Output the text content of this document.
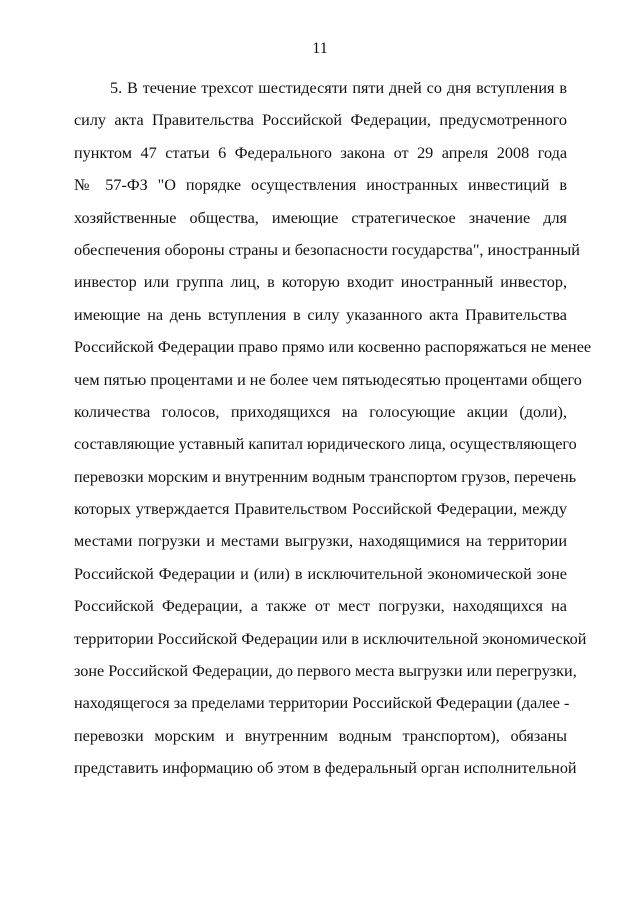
11
5. В течение трехсот шестидесяти пяти дней со дня вступления в
силу акта Правительства Российской Федерации, предусмотренного
пунктом 47 статьи 6 Федерального закона от 29 апреля 2008 года
№ 57-ФЗ "О порядке осуществления иностранных инвестиций в
хозяйственные общества, имеющие стратегическое значение для
обеспечения обороны страны и безопасности государства", иностранный
инвестор или группа лиц, в которую входит иностранный инвестор,
имеющие на день вступления в силу указанного акта Правительства
Российской Федерации право прямо или косвенно распоряжаться не менее
чем пятью процентами и не более чем пятьюдесятью процентами общего
количества голосов, приходящихся на голосующие акции (доли),
составляющие уставный капитал юридического лица, осуществляющего
перевозки морским и внутренним водным транспортом грузов, перечень
которых утверждается Правительством Российской Федерации, между
местами погрузки и местами выгрузки, находящимися на территории
Российской Федерации и (или) в исключительной экономической зоне
Российской Федерации, а также от мест погрузки, находящихся на
территории Российской Федерации или в исключительной экономической
зоне Российской Федерации, до первого места выгрузки или перегрузки,
находящегося за пределами территории Российской Федерации (далее -
перевозки морским и внутренним водным транспортом), обязаны
представить информацию об этом в федеральный орган исполнительной
